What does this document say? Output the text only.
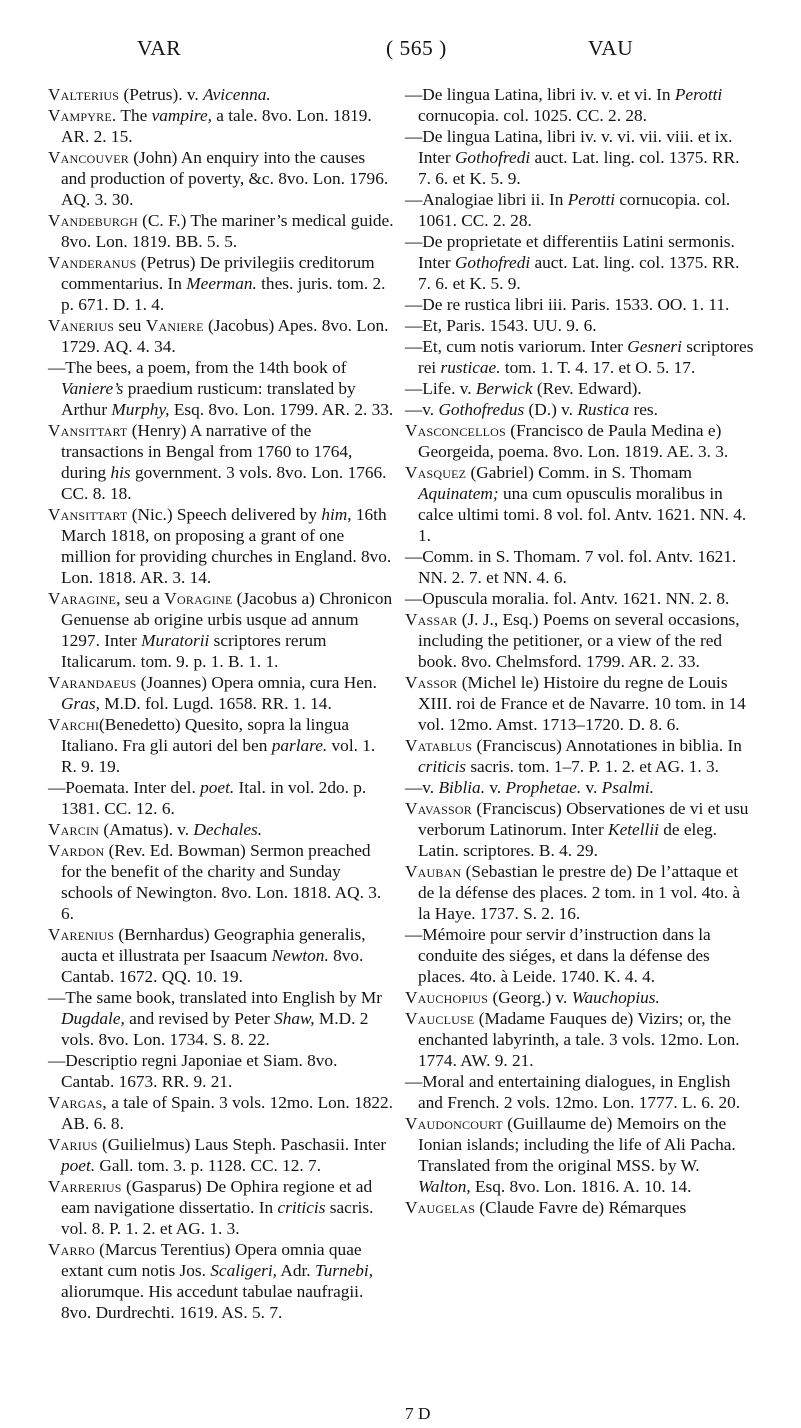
VAR	( 565 )	VAU

Valterius (Petrus). v. Avicenna.

Vampyre. The vampire, a tale. 8vo. Lon. 1819. AR. 2. 15.

Vancouver (John) An enquiry into the causes and production of poverty, &c. 8vo. Lon. 1796. AQ. 3. 30.

Vandeburgh (C. F.) The mariner’s medical guide. 8vo. Lon. 1819. BB. 5. 5.

Vanderanus (Petrus) De privilegiis creditorum commentarius. In Meerman. thes. juris. tom. 2. p. 671. D. 1. 4.

Vanerius seu Vaniere (Jacobus) Apes. 8vo. Lon. 1729. AQ. 4. 34.

—The bees, a poem, from the 14th book of Vaniere’s praedium rusticum: translated by Arthur Murphy, Esq. 8vo. Lon. 1799. AR. 2. 33.

Vansittart (Henry) A narrative of the transactions in Bengal from 1760 to 1764, during his government. 3 vols. 8vo. Lon. 1766. CC. 8. 18.

Vansittart (Nic.) Speech delivered by him, 16th March 1818, on proposing a grant of one million for providing churches in England. 8vo. Lon. 1818. AR. 3. 14.

Varagine, seu a Voragine (Jacobus a) Chronicon Genuense ab origine urbis usque ad annum 1297. Inter Muratorii scriptores rerum Italicarum. tom. 9. p. 1. B. 1. 1.

Varandaeus (Joannes) Opera omnia, cura Hen. Gras, M.D. fol. Lugd. 1658. RR. 1. 14.

Varchi(Benedetto) Quesito, sopra la lingua Italiano. Fra gli autori del ben parlare. vol. 1. R. 9. 19.

—Poemata. Inter del. poet. Ital. in vol. 2do. p. 1381. CC. 12. 6.

Varcin (Amatus). v. Dechales.

Vardon (Rev. Ed. Bowman) Sermon preached for the benefit of the charity and Sunday schools of Newington. 8vo. Lon. 1818. AQ. 3. 6.

Varenius (Bernhardus) Geographia generalis, aucta et illustrata per Isaacum Newton. 8vo. Cantab. 1672. QQ. 10. 19.

—The same book, translated into English by Mr Dugdale, and revised by Peter Shaw, M.D. 2 vols. 8vo. Lon. 1734. S. 8. 22.

—Descriptio regni Japoniae et Siam. 8vo. Cantab. 1673. RR. 9. 21.

Vargas, a tale of Spain. 3 vols. 12mo. Lon. 1822. AB. 6. 8.

Varius (Guilielmus) Laus Steph. Paschasii. Inter poet. Gall. tom. 3. p. 1128. CC. 12. 7.

Varrerius (Gasparus) De Ophira regione et ad eam navigatione dissertatio. In criticis sacris. vol. 8. P. 1. 2. et AG. 1. 3.

Varro (Marcus Terentius) Opera omnia quae extant cum notis Jos. Scaligeri, Adr. Turnebi, aliorumque. His accedunt tabulae naufragii. 8vo. Durdrechti. 1619. AS. 5. 7.

—De lingua Latina, libri iv. v. et vi. In Perotti cornucopia. col. 1025. CC. 2. 28.

—De lingua Latina, libri iv. v. vi. vii. viii. et ix. Inter Gothofredi auct. Lat. ling. col. 1375. RR. 7. 6. et K. 5. 9.

—Analogiae libri ii. In Perotti cornucopia. col. 1061. CC. 2. 28.

—De proprietate et differentiis Latini sermonis. Inter Gothofredi auct. Lat. ling. col. 1375. RR. 7. 6. et K. 5. 9.

—De re rustica libri iii. Paris. 1533. OO. 1. 11.

—Et, Paris. 1543. UU. 9. 6.

—Et, cum notis variorum. Inter Gesneri scriptores rei rusticae. tom. 1. T. 4. 17. et O. 5. 17.

—Life. v. Berwick (Rev. Edward).

—v. Gothofredus (D.) v. Rustica res.

Vasconcellos (Francisco de Paula Medina e) Georgeida, poema. 8vo. Lon. 1819. AE. 3. 3.

Vasquez (Gabriel) Comm. in S. Thomam Aquinatem; una cum opusculis moralibus in calce ultimi tomi. 8 vol. fol. Antv. 1621. NN. 4. 1.

—Comm. in S. Thomam. 7 vol. fol. Antv. 1621. NN. 2. 7. et NN. 4. 6.

—Opuscula moralia. fol. Antv. 1621. NN. 2. 8.

Vassar (J. J., Esq.) Poems on several occasions, including the petitioner, or a view of the red book. 8vo. Chelmsford. 1799. AR. 2. 33.

Vassor (Michel le) Histoire du regne de Louis XIII. roi de France et de Navarre. 10 tom. in 14 vol. 12mo. Amst. 1713–1720. D. 8. 6.

Vatablus (Franciscus) Annotationes in biblia. In criticis sacris. tom. 1–7. P. 1. 2. et AG. 1. 3.

—v. Biblia. v. Prophetae. v. Psalmi.

Vavassor (Franciscus) Observationes de vi et usu verborum Latinorum. Inter Ketellii de eleg. Latin. scriptores. B. 4. 29.

Vauban (Sebastian le prestre de) De l’attaque et de la défense des places. 2 tom. in 1 vol. 4to. à la Haye. 1737. S. 2. 16.

—Mémoire pour servir d’instruction dans la conduite des siéges, et dans la défense des places. 4to. à Leide. 1740. K. 4. 4.

Vauchopius (Georg.) v. Wauchopius.

Vaucluse (Madame Fauques de) Vizirs; or, the enchanted labyrinth, a tale. 3 vols. 12mo. Lon. 1774. AW. 9. 21.

—Moral and entertaining dialogues, in English and French. 2 vols. 12mo. Lon. 1777. L. 6. 20.

Vaudoncourt (Guillaume de) Memoirs on the Ionian islands; including the life of Ali Pacha. Translated from the original MSS. by W. Walton, Esq. 8vo. Lon. 1816. A. 10. 14.

Vaugelas (Claude Favre de) Rémarques

7 D
